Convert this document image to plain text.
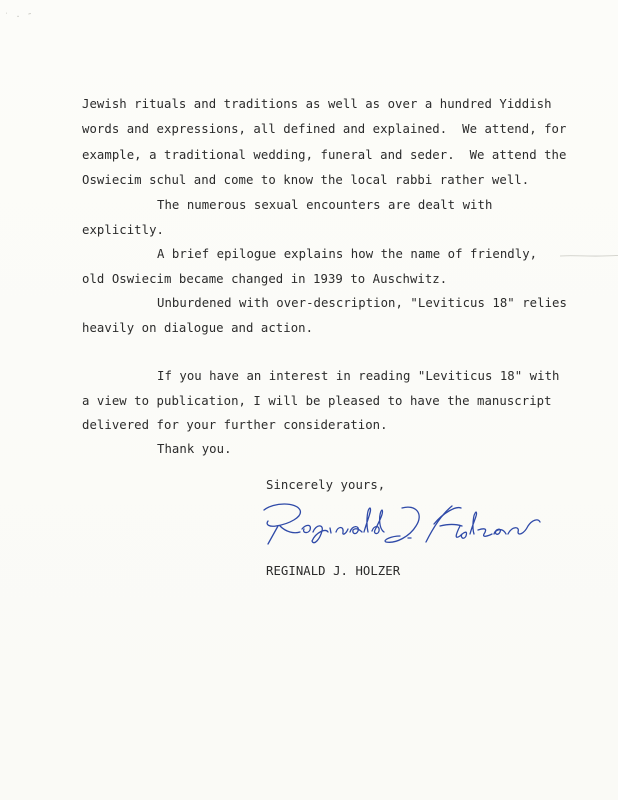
˙ · ″
Jewish rituals and traditions as well as over a hundred Yiddish
words and expressions, all defined and explained.  We attend, for
example, a traditional wedding, funeral and seder.  We attend the
Oswiecim schul and come to know the local rabbi rather well.
The numerous sexual encounters are dealt with
explicitly.
A brief epilogue explains how the name of friendly,
old Oswiecim became changed in 1939 to Auschwitz.
Unburdened with over-description, "Leviticus 18" relies
heavily on dialogue and action.
If you have an interest in reading "Leviticus 18" with
a view to publication, I will be pleased to have the manuscript
delivered for your further consideration.
Thank you.
Sincerely yours,
REGINALD J. HOLZER
